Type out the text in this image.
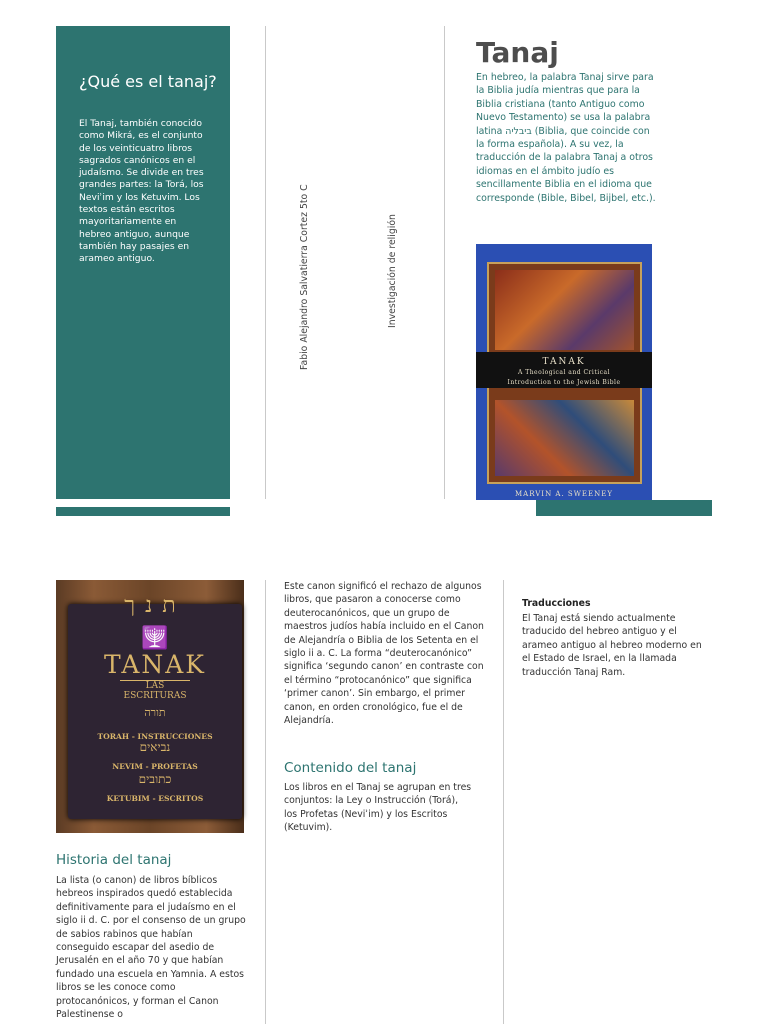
¿Qué es el tanaj?

El Tanaj, también conocido como Mikrá, es el conjunto de los veinticuatro libros sagrados canónicos en el judaísmo. Se divide en tres grandes partes: la Torá, los Neviʾim y los Ketuvim. Los textos están escritos mayoritariamente en hebreo antiguo, aunque también hay pasajes en arameo antiguo.	Fabio Alejandro Salvatierra Cortez 5to C	Investigación de religión
Tanaj

En hebreo, la palabra Tanaj sirve para la Biblia judía mientras que para la Biblia cristiana (tanto Antiguo como Nuevo Testamento) se usa la palabra latina ביבליה (Biblia, que coincide con la forma española). A su vez, la traducción de la palabra Tanaj a otros idiomas en el ámbito judío es sencillamente Biblia en el idioma que corresponde (Bible, Bibel, Bijbel, etc.).

TANAK
A Theological and Critical
Introduction to the Jewish Bible
MARVIN A. SWEENEY
תנך
🕎
TANAK
LAS ESCRITURAS
תורה
TORAH - INSTRUCCIONES
נביאים
NEVIM - PROFETAS
כתובים
KETUBIM - ESCRITOS
Historia del tanaj

La lista (o canon) de libros bíblicos hebreos inspirados quedó establecida definitivamente para el judaísmo en el siglo ii d. C. por el consenso de un grupo de sabios rabinos que habían conseguido escapar del asedio de Jerusalén en el año 70 y que habían fundado una escuela en Yamnia. A estos libros se les conoce como protocanónicos, y forman el Canon Palestinense o

Este canon significó el rechazo de algunos libros, que pasaron a conocerse como deuterocanónicos, que un grupo de maestros judíos había incluido en el Canon de Alejandría o Biblia de los Setenta en el siglo ii a. C. La forma “deuterocanónico” significa ‘segundo canon’ en contraste con el término “protocanónico” que significa ‘primer canon’. Sin embargo, el primer canon, en orden cronológico, fue el de Alejandría.

Contenido del tanaj

Los libros en el Tanaj se agrupan en tres conjuntos: la Ley o Instrucción (Torá), los Profetas (Neviʾim) y los Escritos (Ketuvim).

Traducciones

El Tanaj está siendo actualmente traducido del hebreo antiguo y el arameo antiguo al hebreo moderno en el Estado de Israel, en la llamada traducción Tanaj Ram.
